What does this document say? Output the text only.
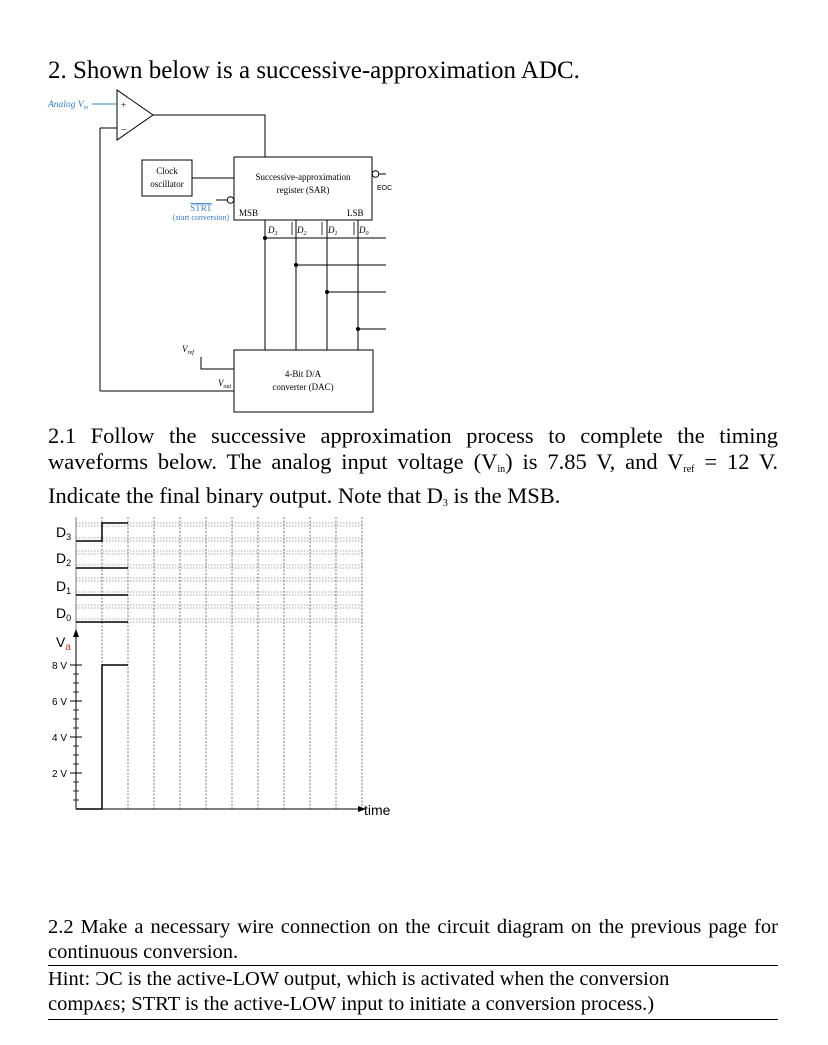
2. Shown below is a successive-approximation ADC.
+
−
Analog $V_{in}$
Clock
oscillator
Successive-approximation
register (SAR)
MSB	LSB
STRT
(start conversion)
EOC
$D_3$ $D_2$ $D_1$ $D_0$
4-Bit D/A
converter (DAC)
$V_{ref}$
$V_{out}$
2.1 Follow the successive approximation process to complete the timing waveforms below. The analog input voltage $(V_{in})$ is 7.85 V, and $V_{ref} = 12$ V. Indicate the final binary output. Note that $D_3$ is the MSB.
$D_3$
$D_2$
$D_1$
$D_0$
$V_a$
8 V
6 V
4 V
2 V
time
2.2 Make a necessary wire connection on the circuit diagram on the previous page for continuous conversion.
Hint: ƆC is the active-LOW output, which is activated when the conversion
comp⁠ʌɛs; STRT is the active-LOW input to initiate a conversion process.)
